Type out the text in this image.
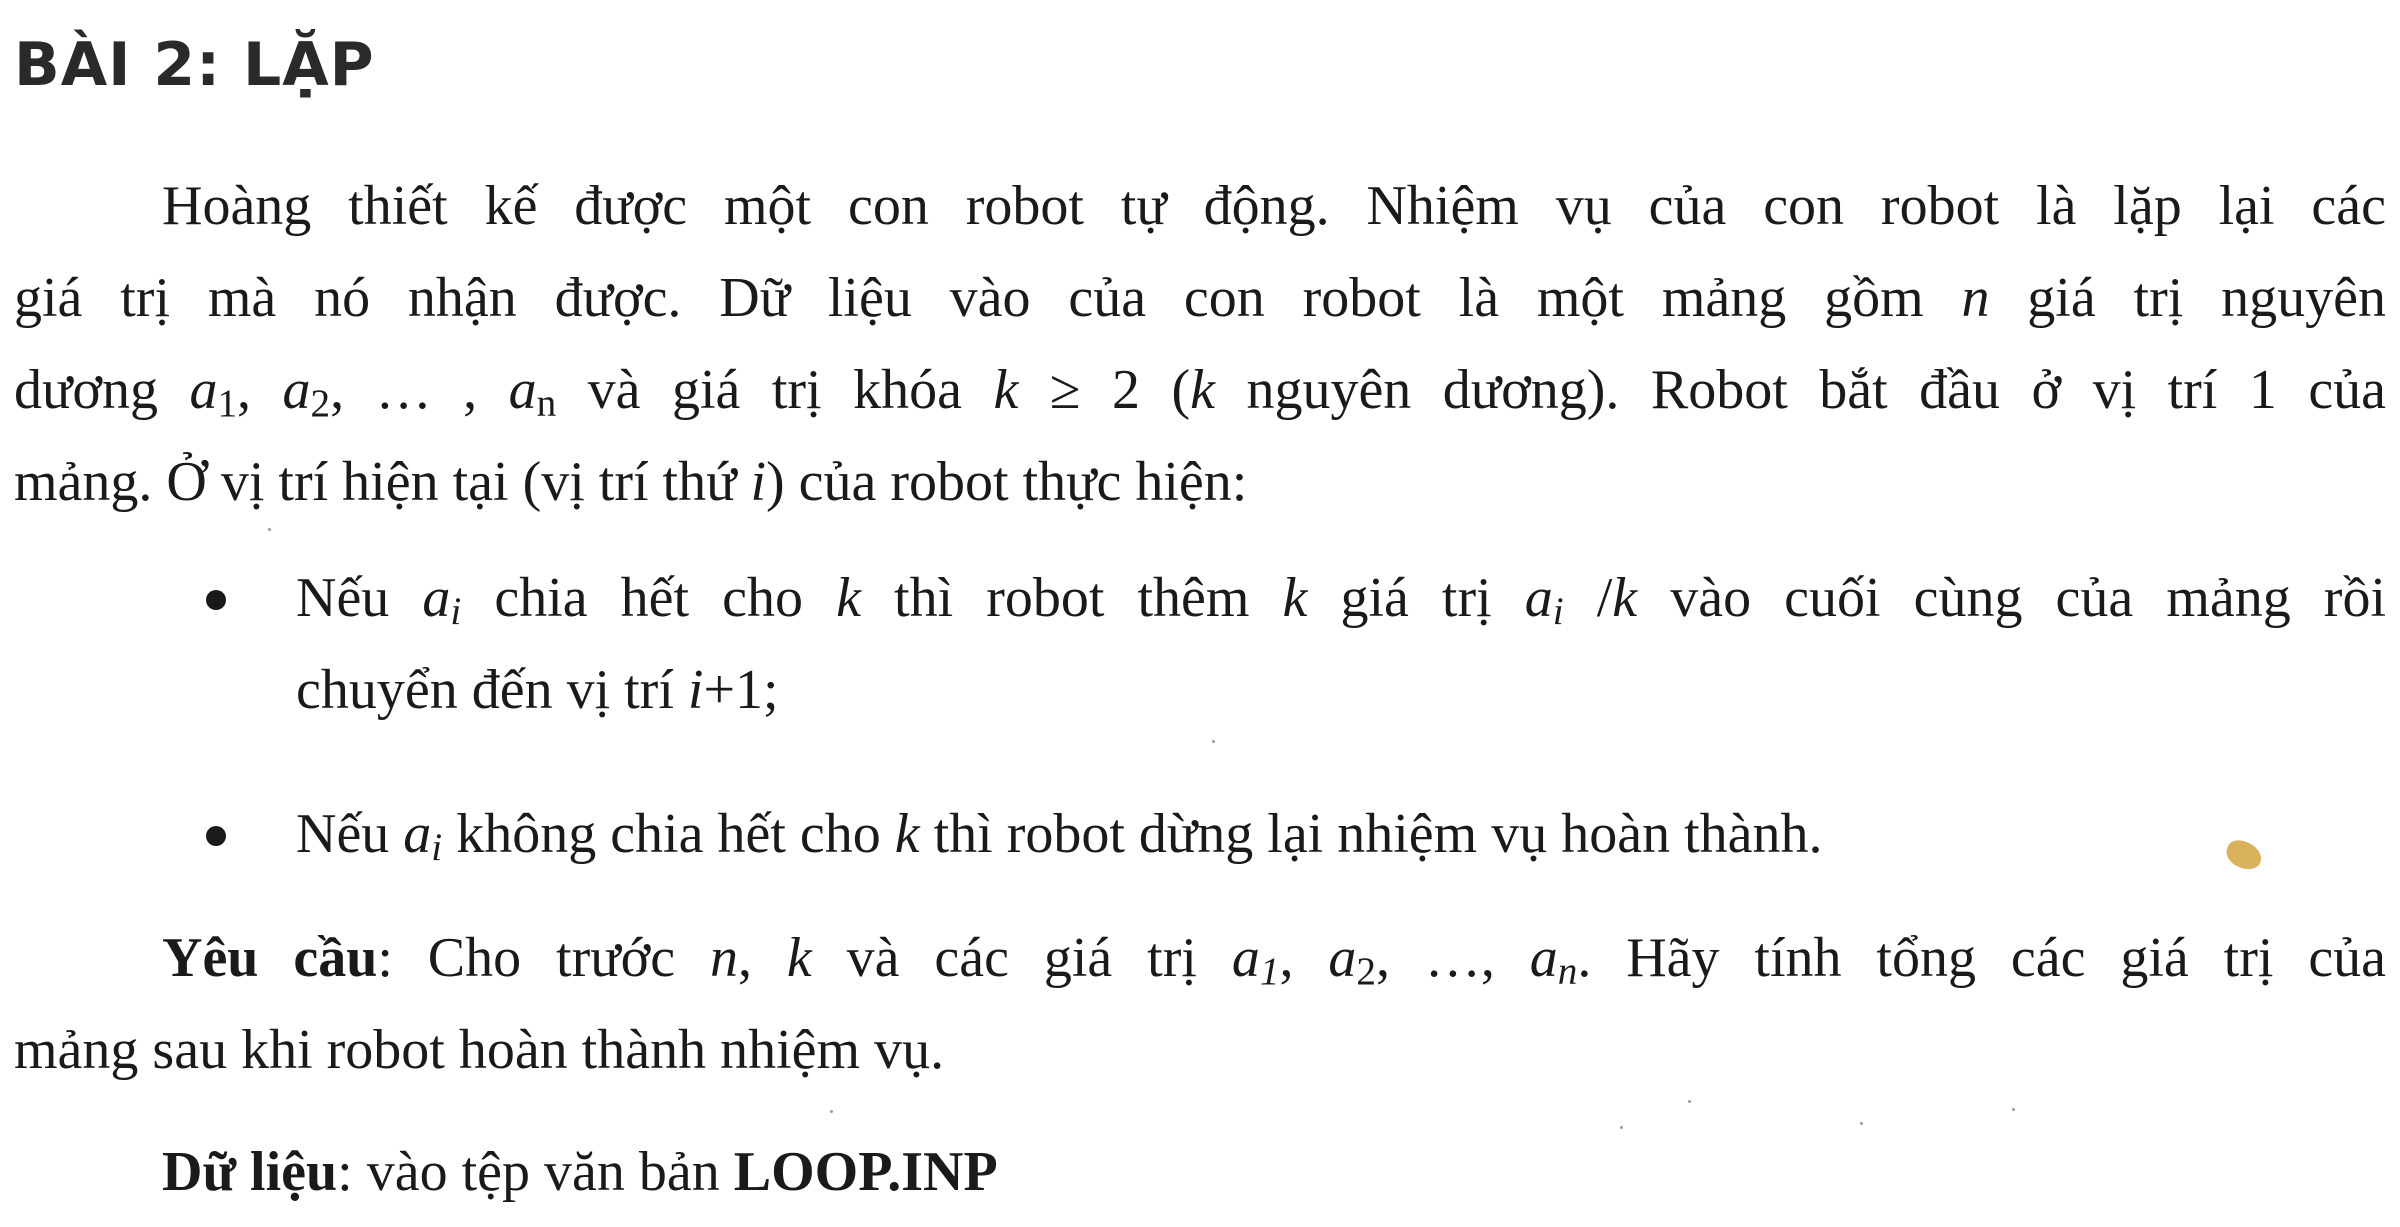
BÀI 2: LẶP
Hoàng thiết kế được một con robot tự động. Nhiệm vụ của con robot là lặp lại các
giá trị mà nó nhận được. Dữ liệu vào của con robot là một mảng gồm n giá trị nguyên
dương $a_1$, $a_2$, … , $a_n$ và giá trị khóa k ≥ 2 (k nguyên dương). Robot bắt đầu ở vị trí 1 của
mảng. Ở vị trí hiện tại (vị trí thứ i) của robot thực hiện:
Nếu $a_i$ chia hết cho k thì robot thêm k giá trị $a_i$ /k vào cuối cùng của mảng rồi
chuyển đến vị trí i+1;
Nếu $a_i$ không chia hết cho k thì robot dừng lại nhiệm vụ hoàn thành.
Yêu cầu: Cho trước n, k và các giá trị $a_1$, $a_2$, …, $a_n$. Hãy tính tổng các giá trị của
mảng sau khi robot hoàn thành nhiệm vụ.
Dữ liệu: vào tệp văn bản LOOP.INP
